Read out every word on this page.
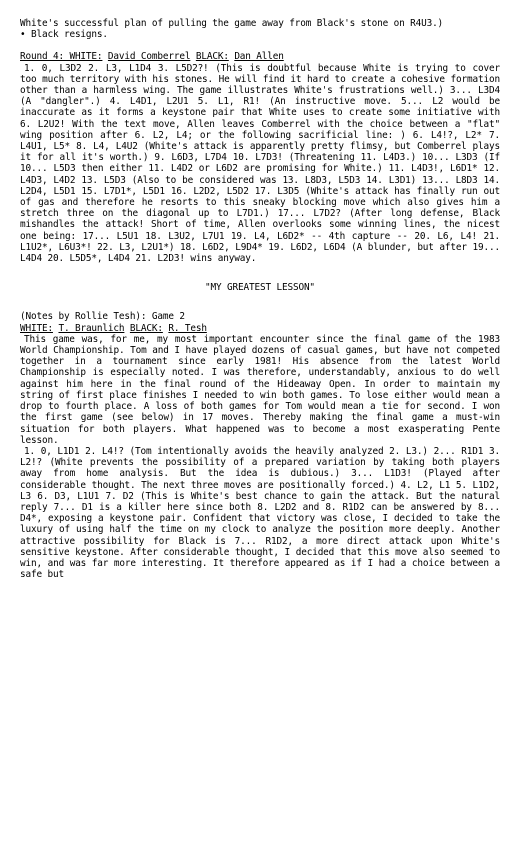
White's successful plan of pulling the game away from Black's stone on R4U3.)

• Black resigns.

Round 4: WHITE: David Comberrel BLACK: Dan Allen

1. 0, L3D2 2. L3, L1D4 3. L5D2?! (This is doubtful because White is trying to cover too much territory with his stones. He will find it hard to create a cohesive formation other than a harmless wing. The game illustrates White's frustrations well.) 3... L3D4 (A "dangler".) 4. L4D1, L2U1 5. L1, R1! (An instructive move. 5... L2 would be inaccurate as it forms a keystone pair that White uses to create some initiative with 6. L2U2! With the text move, Allen leaves Comberrel with the choice between a "flat" wing position after 6. L2, L4; or the following sacrificial line: ) 6. L4!?, L2* 7. L4U1, L5* 8. L4, L4U2 (White's attack is apparently pretty flimsy, but Comberrel plays it for all it's worth.) 9. L6D3, L7D4 10. L7D3! (Threatening 11. L4D3.) 10... L3D3 (If 10... L5D3 then either 11. L4D2 or L6D2 are promising for White.) 11. L4D3!, L6D1* 12. L4D3, L4D2 13. L5D3 (Also to be considered was 13. L8D3, L5D3 14. L3D1) 13... L8D3 14. L2D4, L5D1 15. L7D1*, L5D1 16. L2D2, L5D2 17. L3D5 (White's attack has finally run out of gas and therefore he resorts to this sneaky blocking move which also gives him a stretch three on the diagonal up to L7D1.) 17... L7D2? (After long defense, Black mishandles the attack! Short of time, Allen overlooks some winning lines, the nicest one being: 17... L5U1 18. L3U2, L7U1 19. L4, L6D2* -- 4th capture -- 20. L6, L4! 21. L1U2*, L6U3*! 22. L3, L2U1*) 18. L6D2, L9D4* 19. L6D2, L6D4 (A blunder, but after 19... L4D4 20. L5D5*, L4D4 21. L2D3! wins anyway.

"MY GREATEST LESSON"

(Notes by Rollie Tesh): Game 2

WHITE: T. Braunlich BLACK: R. Tesh

This game was, for me, my most important encounter since the final game of the 1983 World Championship. Tom and I have played dozens of casual games, but have not competed together in a tournament since early 1981! His absence from the latest World Championship is especially noted. I was therefore, understandably, anxious to do well against him here in the final round of the Hideaway Open. In order to maintain my string of first place finishes I needed to win both games. To lose either would mean a drop to fourth place. A loss of both games for Tom would mean a tie for second. I won the first game (see below) in 17 moves. Thereby making the final game a must-win situation for both players. What happened was to become a most exasperating Pente lesson.

1. 0, L1D1 2. L4!? (Tom intentionally avoids the heavily analyzed 2. L3.) 2... R1D1 3. L2!? (White prevents the possibility of a prepared variation by taking both players away from home analysis. But the idea is dubious.) 3... L1D3! (Played after considerable thought. The next three moves are positionally forced.) 4. L2, L1 5. L1D2, L3 6. D3, L1U1 7. D2 (This is White's best chance to gain the attack. But the natural reply 7... D1 is a killer here since both 8. L2D2 and 8. R1D2 can be answered by 8... D4*, exposing a keystone pair. Confident that victory was close, I decided to take the luxury of using half the time on my clock to analyze the position more deeply. Another attractive possibility for Black is 7... R1D2, a more direct attack upon White's sensitive keystone. After considerable thought, I decided that this move also seemed to win, and was far more interesting. It therefore appeared as if I had a choice between a safe but
